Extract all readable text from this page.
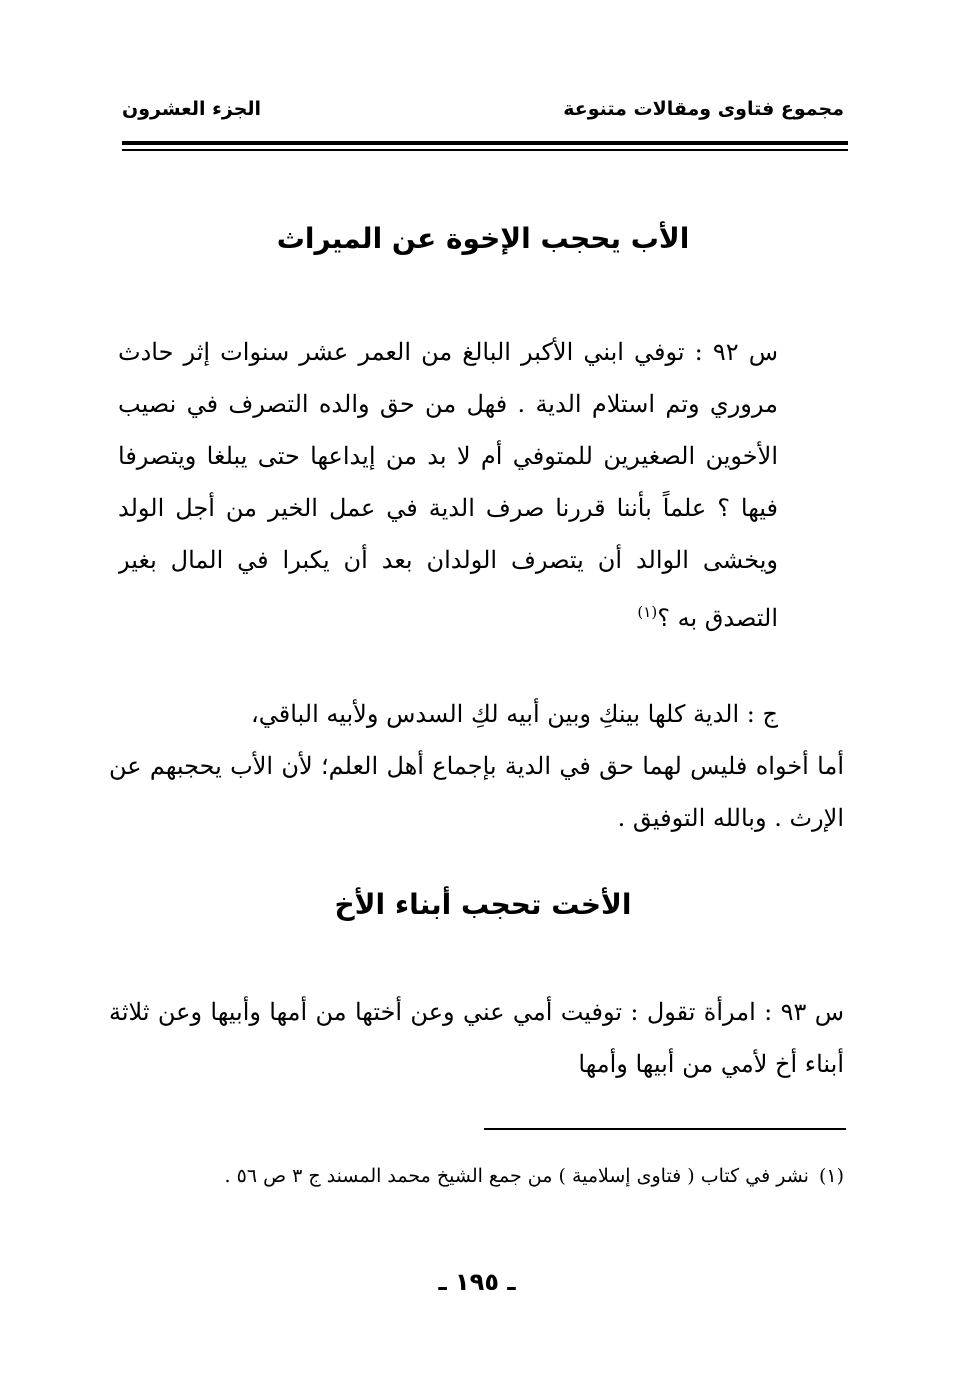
مجموع فتاوى ومقالات متنوعة
الجزء العشرون
الأب يحجب الإخوة عن الميراث

س ٩٢ : توفي ابني الأكبر البالغ من العمر عشر سنوات إثر حادث مروري وتم استلام الدية . فهل من حق والده التصرف في نصيب الأخوين الصغيرين للمتوفي أم لا بد من إيداعها حتى يبلغا ويتصرفا فيها ؟ علماً بأننا قررنا صرف الدية في عمل الخير من أجل الولد ويخشى الوالد أن يتصرف الولدان بعد أن يكبرا في المال بغير التصدق به ؟$^{(١)}$

ج : الدية كلها بينكِ وبين أبيه لكِ السدس ولأبيه الباقي،

أما أخواه فليس لهما حق في الدية بإجماع أهل العلم؛ لأن الأب يحجبهم عن الإرث . وبالله التوفيق .

الأخت تحجب أبناء الأخ

س ٩٣ : امرأة تقول : توفيت أمي عني وعن أختها من أمها وأبيها وعن ثلاثة أبناء أخ لأمي من أبيها وأمها

(١)نشر في كتاب ( فتاوى إسلامية ) من جمع الشيخ محمد المسند ج ٣ ص ٥٦ .
ـ ١٩٥ ـ
